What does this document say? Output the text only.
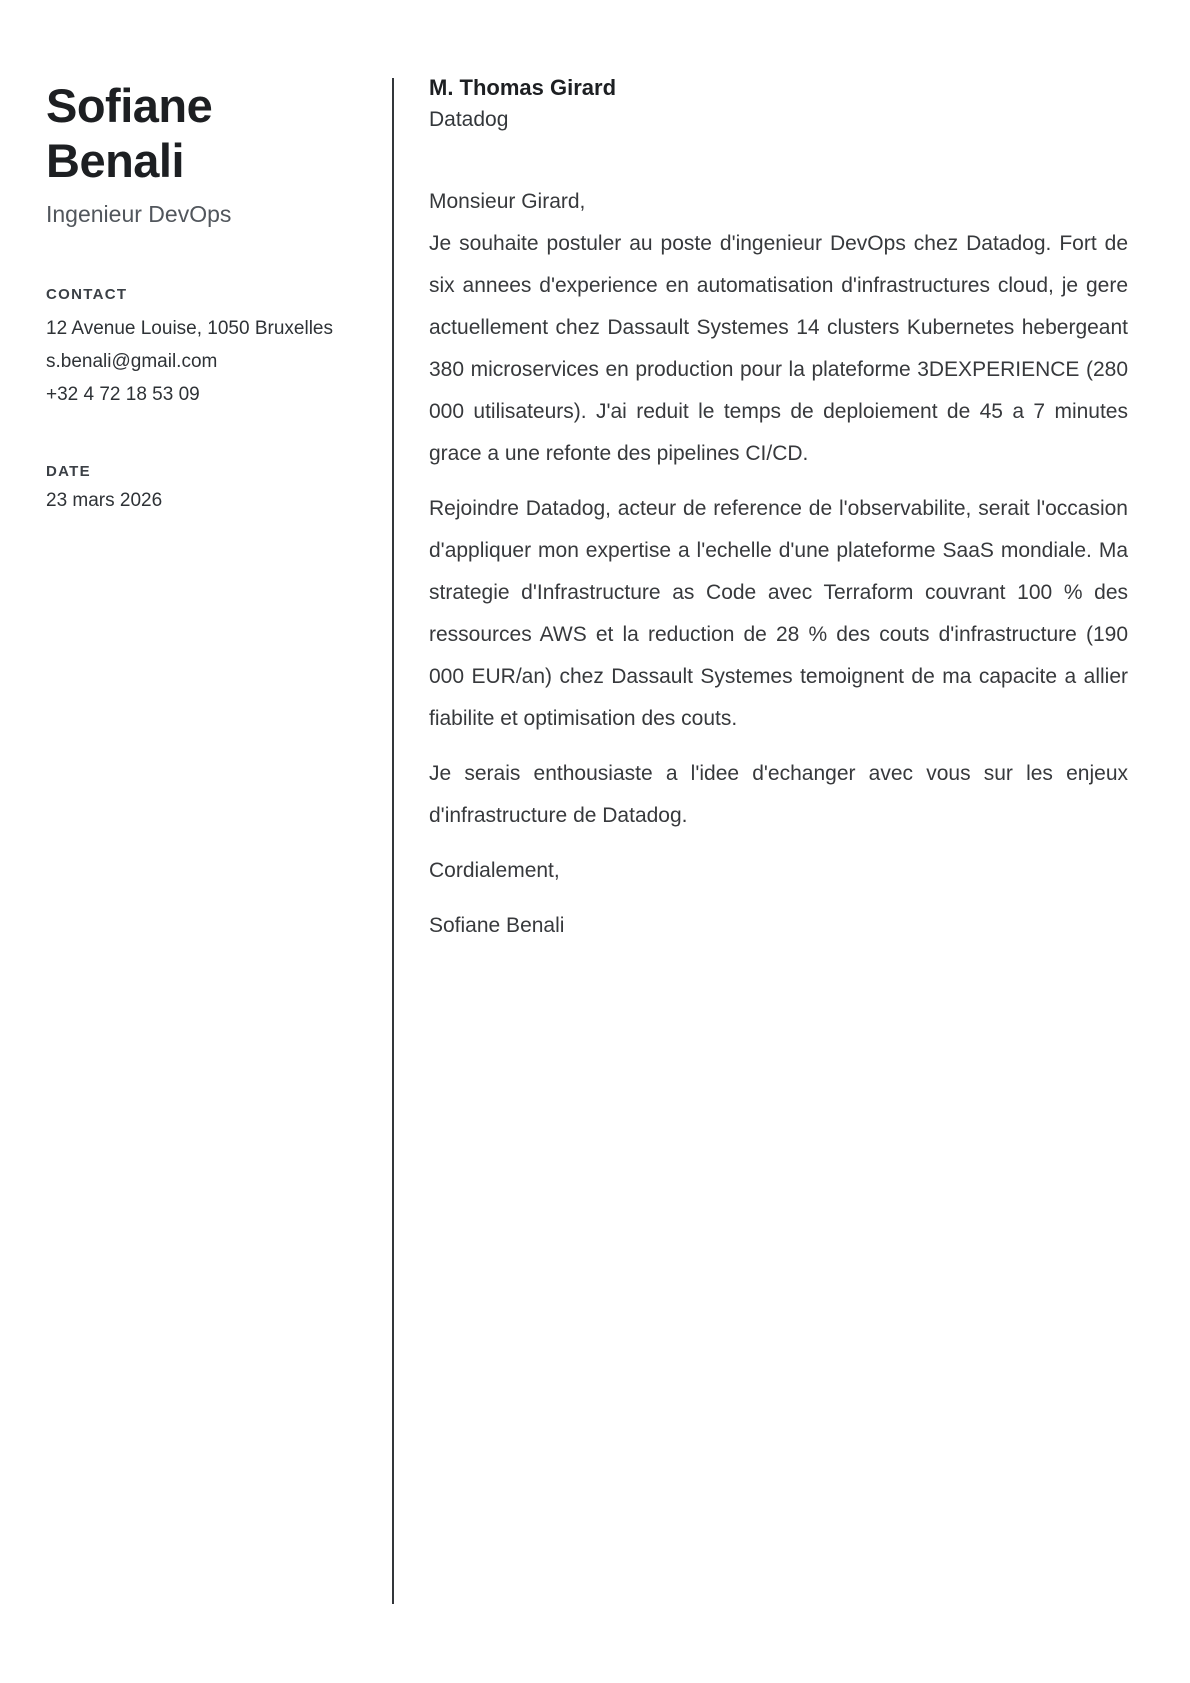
Sofiane Benali
Ingenieur DevOps
CONTACT
12 Avenue Louise, 1050 Bruxelles
s.benali@gmail.com
+32 4 72 18 53 09
DATE
23 mars 2026
M. Thomas Girard
Datadog
Monsieur Girard,

Je souhaite postuler au poste d'ingenieur DevOps chez Datadog. Fort de six annees d'experience en automatisation d'infrastructures cloud, je gere actuellement chez Dassault Systemes 14 clusters Kubernetes hebergeant 380 microservices en production pour la plateforme 3DEXPERIENCE (280 000 utilisateurs). J'ai reduit le temps de deploiement de 45 a 7 minutes grace a une refonte des pipelines CI/CD.

Rejoindre Datadog, acteur de reference de l'observabilite, serait l'occasion d'appliquer mon expertise a l'echelle d'une plateforme SaaS mondiale. Ma strategie d'Infrastructure as Code avec Terraform couvrant 100 % des ressources AWS et la reduction de 28 % des couts d'infrastructure (190 000 EUR/an) chez Dassault Systemes temoignent de ma capacite a allier fiabilite et optimisation des couts.

Je serais enthousiaste a l'idee d'echanger avec vous sur les enjeux d'infrastructure de Datadog.

Cordialement,

Sofiane Benali
